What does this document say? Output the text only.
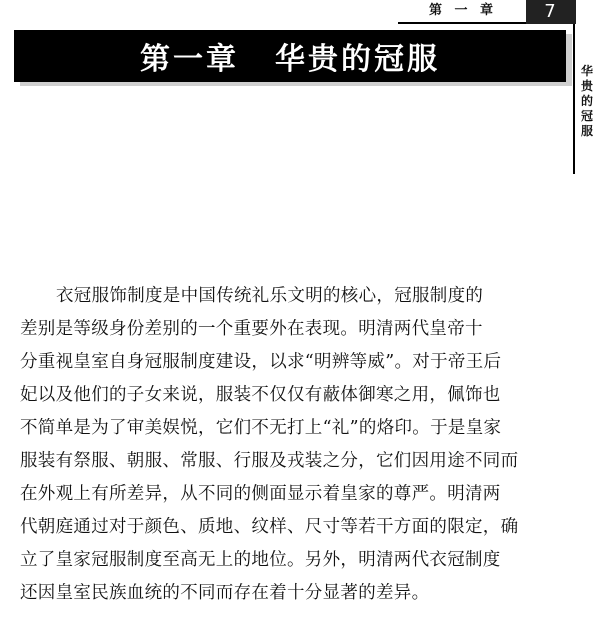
第 一 章	7
第一章 华贵的冠服	华贵的冠服
衣冠服饰制度是中国传统礼乐文明的核心，冠服制度的
差别是等级身份差别的一个重要外在表现。明清两代皇帝十
分重视皇室自身冠服制度建设，以求“明辨等威”。对于帝王后
妃以及他们的子女来说，服装不仅仅有蔽体御寒之用，佩饰也
不简单是为了审美娱悦，它们不无打上“礼”的烙印。于是皇家
服装有祭服、朝服、常服、行服及戎装之分，它们因用途不同而
在外观上有所差异，从不同的侧面显示着皇家的尊严。明清两
代朝庭通过对于颜色、质地、纹样、尺寸等若干方面的限定，确
立了皇家冠服制度至高无上的地位。另外，明清两代衣冠制度
还因皇室民族血统的不同而存在着十分显著的差异。
